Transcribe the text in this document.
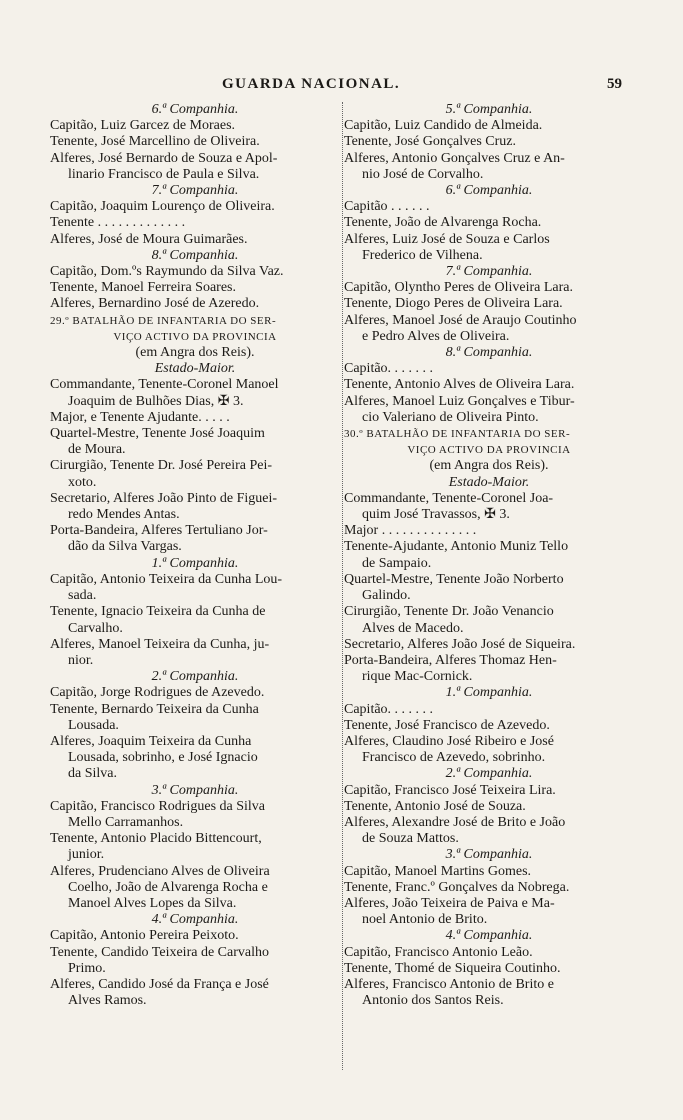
GUARDA NACIONAL.	59
6.ª Companhia.
Capitão, Luiz Garcez de Moraes.
Tenente, José Marcellino de Oliveira.
Alferes, José Bernardo de Souza e Apol-
linario Francisco de Paula e Silva.
7.ª Companhia.
Capitão, Joaquim Lourenço de Oliveira.
Tenente . . . . . . . . . . . . .
Alferes, José de Moura Guimarães.
8.ª Companhia.
Capitão, Dom.ºs Raymundo da Silva Vaz.
Tenente, Manoel Ferreira Soares.
Alferes, Bernardino José de Azeredo.
29.º BATALHÃO DE INFANTARIA DO SER-
VIÇO ACTIVO DA PROVINCIA
(em Angra dos Reis).
Estado-Maior.
Commandante, Tenente-Coronel Manoel
Joaquim de Bulhões Dias, ✠ 3.
Major, e Tenente Ajudante. . . . .
Quartel-Mestre, Tenente José Joaquim
de Moura.
Cirurgião, Tenente Dr. José Pereira Pei-
xoto.
Secretario, Alferes João Pinto de Figuei-
redo Mendes Antas.
Porta-Bandeira, Alferes Tertuliano Jor-
dão da Silva Vargas.
1.ª Companhia.
Capitão, Antonio Teixeira da Cunha Lou-
sada.
Tenente, Ignacio Teixeira da Cunha de
Carvalho.
Alferes, Manoel Teixeira da Cunha, ju-
nior.
2.ª Companhia.
Capitão, Jorge Rodrigues de Azevedo.
Tenente, Bernardo Teixeira da Cunha
Lousada.
Alferes, Joaquim Teixeira da Cunha
Lousada, sobrinho, e José Ignacio
da Silva.
3.ª Companhia.
Capitão, Francisco Rodrigues da Silva
Mello Carramanhos.
Tenente, Antonio Placido Bittencourt,
junior.
Alferes, Prudenciano Alves de Oliveira
Coelho, João de Alvarenga Rocha e
Manoel Alves Lopes da Silva.
4.ª Companhia.
Capitão, Antonio Pereira Peixoto.
Tenente, Candido Teixeira de Carvalho
Primo.
Alferes, Candido José da França e José
Alves Ramos.
5.ª Companhia.
Capitão, Luiz Candido de Almeida.
Tenente, José Gonçalves Cruz.
Alferes, Antonio Gonçalves Cruz e An-
nio José de Corvalho.
6.ª Companhia.
Capitão . . . . . .
Tenente, João de Alvarenga Rocha.
Alferes, Luiz José de Souza e Carlos
Frederico de Vilhena.
7.ª Companhia.
Capitão, Olyntho Peres de Oliveira Lara.
Tenente, Diogo Peres de Oliveira Lara.
Alferes, Manoel José de Araujo Coutinho
e Pedro Alves de Oliveira.
8.ª Companhia.
Capitão. . . . . . .
Tenente, Antonio Alves de Oliveira Lara.
Alferes, Manoel Luiz Gonçalves e Tibur-
cio Valeriano de Oliveira Pinto.
30.º BATALHÃO DE INFANTARIA DO SER-
VIÇO ACTIVO DA PROVINCIA
(em Angra dos Reis).
Estado-Maior.
Commandante, Tenente-Coronel Joa-
quim José Travassos, ✠ 3.
Major . . . . . . . . . . . . . .
Tenente-Ajudante, Antonio Muniz Tello
de Sampaio.
Quartel-Mestre, Tenente João Norberto
Galindo.
Cirurgião, Tenente Dr. João Venancio
Alves de Macedo.
Secretario, Alferes João José de Siqueira.
Porta-Bandeira, Alferes Thomaz Hen-
rique Mac-Cornick.
1.ª Companhia.
Capitão. . . . . . .
Tenente, José Francisco de Azevedo.
Alferes, Claudino José Ribeiro e José
Francisco de Azevedo, sobrinho.
2.ª Companhia.
Capitão, Francisco José Teixeira Lira.
Tenente, Antonio José de Souza.
Alferes, Alexandre José de Brito e João
de Souza Mattos.
3.ª Companhia.
Capitão, Manoel Martins Gomes.
Tenente, Franc.º Gonçalves da Nobrega.
Alferes, João Teixeira de Paiva e Ma-
noel Antonio de Brito.
4.ª Companhia.
Capitão, Francisco Antonio Leão.
Tenente, Thomé de Siqueira Coutinho.
Alferes, Francisco Antonio de Brito e
Antonio dos Santos Reis.
